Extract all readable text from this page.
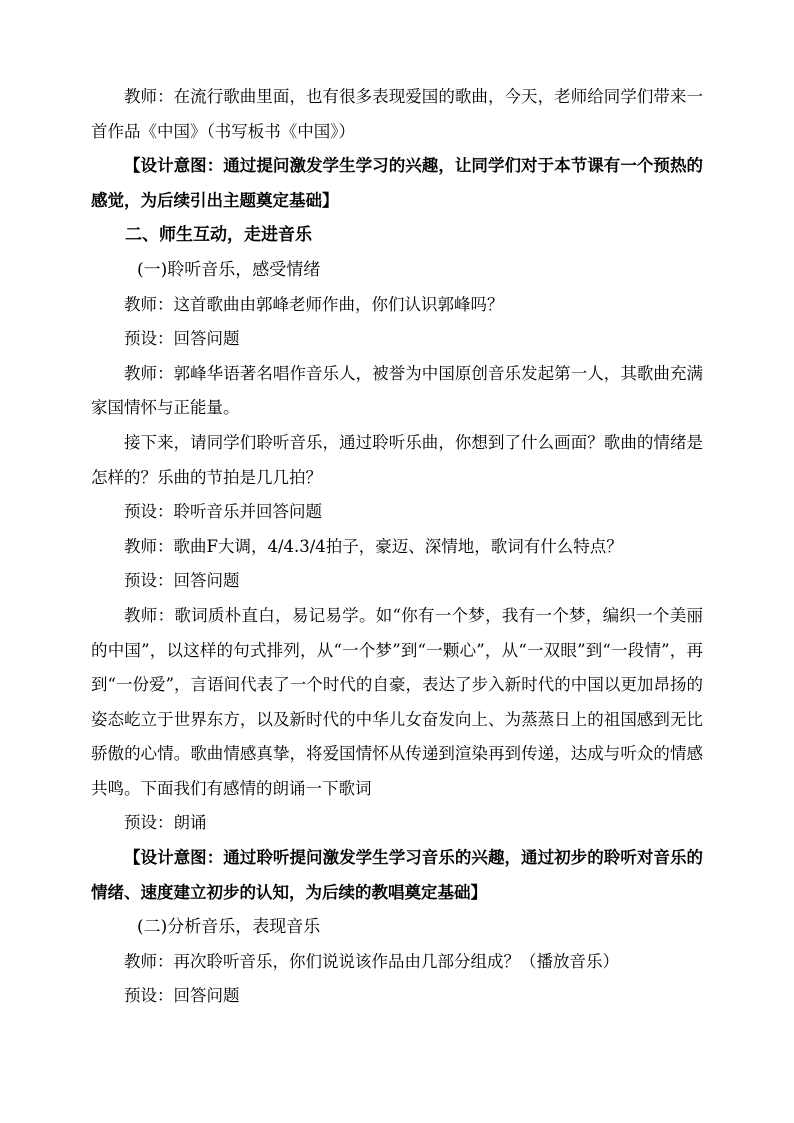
教师：在流行歌曲里面，也有很多表现爱国的歌曲，今天，老师给同学们带来一首作品《中国》（书写板书《中国》）

【设计意图：通过提问激发学生学习的兴趣，让同学们对于本节课有一个预热的感觉，为后续引出主题奠定基础】

二、师生互动，走进音乐

(一)聆听音乐，感受情绪

教师：这首歌曲由郭峰老师作曲，你们认识郭峰吗？

预设：回答问题

教师：郭峰华语著名唱作音乐人，被誉为中国原创音乐发起第一人，其歌曲充满家国情怀与正能量。

接下来，请同学们聆听音乐，通过聆听乐曲，你想到了什么画面？歌曲的情绪是怎样的？乐曲的节拍是几几拍？

预设：聆听音乐并回答问题

教师：歌曲F大调，4/4.3/4拍子，豪迈、深情地，歌词有什么特点？

预设：回答问题

教师：歌词质朴直白，易记易学。如“你有一个梦，我有一个梦，编织一个美丽的中国”，以这样的句式排列，从“一个梦”到“一颗心”，从“一双眼”到“一段情”，再到“一份爱”，言语间代表了一个时代的自豪，表达了步入新时代的中国以更加昂扬的姿态屹立于世界东方，以及新时代的中华儿女奋发向上、为蒸蒸日上的祖国感到无比骄傲的心情。歌曲情感真挚，将爱国情怀从传递到渲染再到传递，达成与听众的情感共鸣。下面我们有感情的朗诵一下歌词

预设：朗诵

【设计意图：通过聆听提问激发学生学习音乐的兴趣，通过初步的聆听对音乐的情绪、速度建立初步的认知，为后续的教唱奠定基础】

(二)分析音乐，表现音乐

教师：再次聆听音乐，你们说说该作品由几部分组成？（播放音乐）

预设：回答问题
